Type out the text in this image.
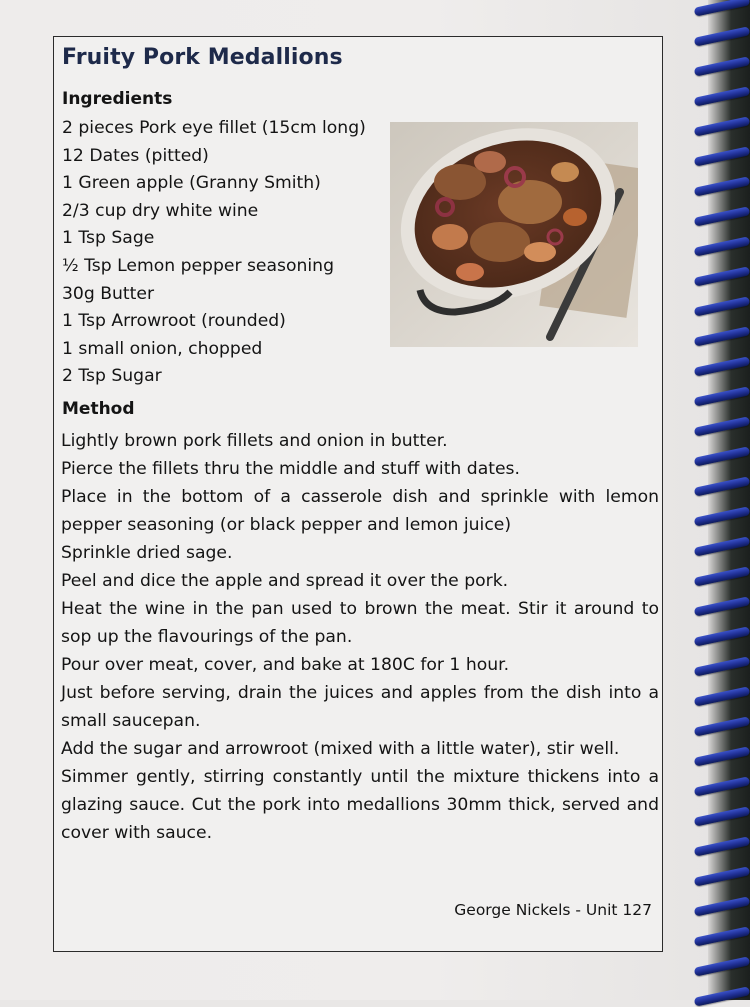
Fruity Pork Medallions
Ingredients
2 pieces Pork eye fillet (15cm long)
12 Dates (pitted)
1 Green apple (Granny Smith)
2/3 cup dry white wine
1 Tsp Sage
½ Tsp Lemon pepper seasoning
30g Butter
1 Tsp Arrowroot (rounded)
1 small onion, chopped
2 Tsp Sugar
Method

Lightly brown pork fillets and onion in butter.

Pierce the fillets thru the middle and stuff with dates.

Place in the bottom of a casserole dish and sprinkle with lemon pepper seasoning (or black pepper and lemon juice)

Sprinkle dried sage.

Peel and dice the apple and spread it over the pork.

Heat the wine in the pan used to brown the meat. Stir it around to sop up the flavourings of the pan.

Pour over meat, cover, and bake at 180C for 1 hour.

Just before serving, drain the juices and apples from the dish into a small saucepan.

Add the sugar and arrowroot (mixed with a little water), stir well.

Simmer gently, stirring constantly until the mixture thickens into a glazing sauce. Cut the pork into medallions 30mm thick, served and cover with sauce.

George Nickels - Unit 127
